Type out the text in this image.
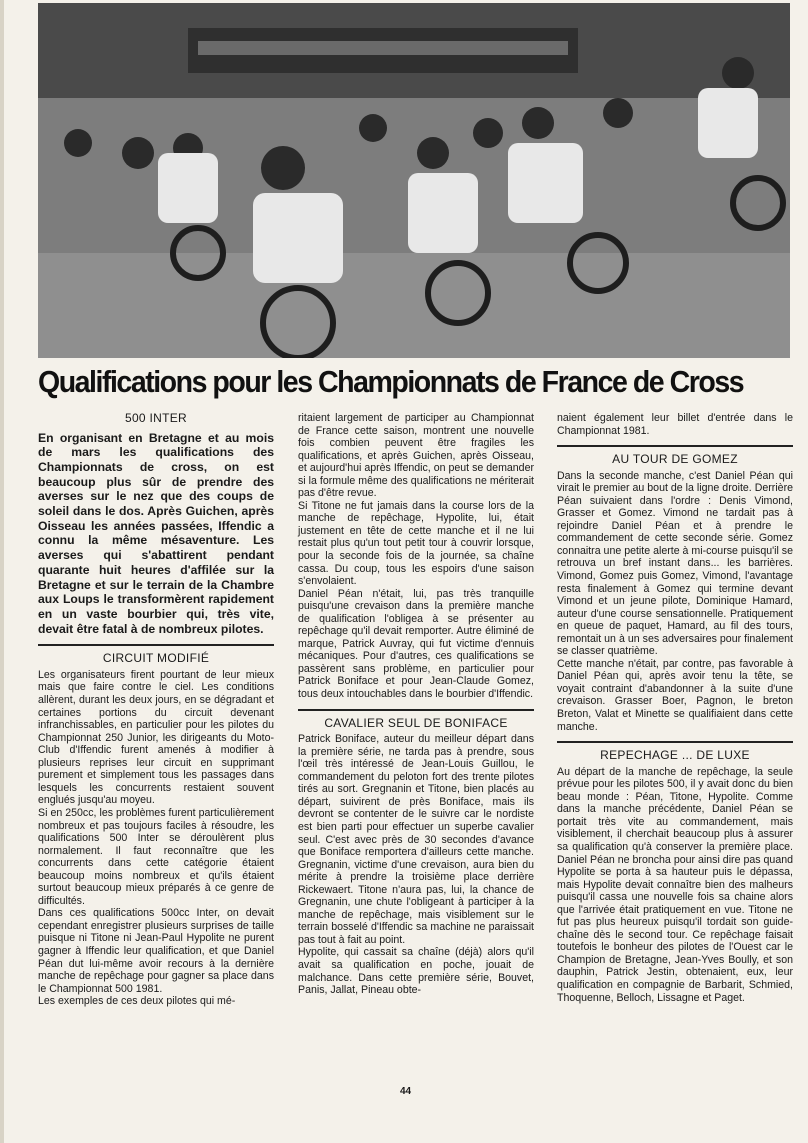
Qualifications pour les Championnats de France de Cross
500 INTER

En organisant en Bretagne et au mois de mars les qualifications des Championnats de cross, on est beaucoup plus sûr de prendre des averses sur le nez que des coups de soleil dans le dos. Après Guichen, après Oisseau les années passées, Iffendic a connu la même mésaventure. Les averses qui s'abattirent pendant quarante huit heures d'affilée sur la Bretagne et sur le terrain de la Chambre aux Loups le transformèrent rapidement en un vaste bourbier qui, très vite, devait être fatal à de nombreux pilotes.

CIRCUIT MODIFIÉ

Les organisateurs firent pourtant de leur mieux mais que faire contre le ciel. Les conditions allèrent, durant les deux jours, en se dégradant et certaines portions du circuit devenant infranchissables, en particulier pour les pilotes du Championnat 250 Junior, les dirigeants du Moto-Club d'Iffendic furent amenés à modifier à plusieurs reprises leur circuit en supprimant purement et simplement tous les passages dans lesquels les concurrents restaient souvent englués jusqu'au moyeu.

Si en 250cc, les problèmes furent particulièrement nombreux et pas toujours faciles à résoudre, les qualifications 500 Inter se déroulèrent plus normalement. Il faut reconnaître que les concurrents dans cette catégorie étaient beaucoup moins nombreux et qu'ils étaient surtout beaucoup mieux préparés à ce genre de difficultés.

Dans ces qualifications 500cc Inter, on devait cependant enregistrer plusieurs surprises de taille puisque ni Titone ni Jean-Paul Hypolite ne purent gagner à Iffendic leur qualification, et que Daniel Péan dut lui-même avoir recours à la dernière manche de repêchage pour gagner sa place dans le Championnat 500 1981.

Les exemples de ces deux pilotes qui mé-

ritaient largement de participer au Championnat de France cette saison, montrent une nouvelle fois combien peuvent être fragiles les qualifications, et après Guichen, après Oisseau, et aujourd'hui après Iffendic, on peut se demander si la formule même des qualifications ne mériterait pas d'être revue.

Si Titone ne fut jamais dans la course lors de la manche de repêchage, Hypolite, lui, était justement en tête de cette manche et il ne lui restait plus qu'un tout petit tour à couvrir lorsque, pour la seconde fois de la journée, sa chaîne cassa. Du coup, tous les espoirs d'une saison s'envolaient.

Daniel Péan n'était, lui, pas très tranquille puisqu'une crevaison dans la première manche de qualification l'obligea à se présenter au repêchage qu'il devait remporter. Autre éliminé de marque, Patrick Auvray, qui fut victime d'ennuis mécaniques. Pour d'autres, ces qualifications se passèrent sans problème, en particulier pour Patrick Boniface et pour Jean-Claude Gomez, tous deux intouchables dans le bourbier d'Iffendic.

CAVALIER SEUL DE BONIFACE

Patrick Boniface, auteur du meilleur départ dans la première série, ne tarda pas à prendre, sous l'œil très intéressé de Jean-Louis Guillou, le commandement du peloton fort des trente pilotes tirés au sort. Gregnanin et Titone, bien placés au départ, suivirent de près Boniface, mais ils devront se contenter de le suivre car le nordiste est bien parti pour effectuer un superbe cavalier seul. C'est avec près de 30 secondes d'avance que Boniface remportera d'ailleurs cette manche. Gregnanin, victime d'une crevaison, aura bien du mérite à prendre la troisième place derrière Rickewaert. Titone n'aura pas, lui, la chance de Gregnanin, une chute l'obligeant à participer à la manche de repêchage, mais visiblement sur le terrain bosselé d'Iffendic sa machine ne paraissait pas tout à fait au point.

Hypolite, qui cassait sa chaîne (déjà) alors qu'il avait sa qualification en poche, jouait de malchance. Dans cette première série, Bouvet, Panis, Jallat, Pineau obte-

naient également leur billet d'entrée dans le Championnat 1981.

AU TOUR DE GOMEZ

Dans la seconde manche, c'est Daniel Péan qui virait le premier au bout de la ligne droite. Derrière Péan suivaient dans l'ordre : Denis Vimond, Grasser et Gomez. Vimond ne tardait pas à rejoindre Daniel Péan et à prendre le commandement de cette seconde série. Gomez connaitra une petite alerte à mi-course puisqu'il se retrouva un bref instant dans... les barrières. Vimond, Gomez puis Gomez, Vimond, l'avantage resta finalement à Gomez qui termine devant Vimond et un jeune pilote, Dominique Hamard, auteur d'une course sensationnelle. Pratiquement en queue de paquet, Hamard, au fil des tours, remontait un à un ses adversaires pour finalement se classer quatrième.

Cette manche n'était, par contre, pas favorable à Daniel Péan qui, après avoir tenu la tête, se voyait contraint d'abandonner à la suite d'une crevaison. Grasser Boer, Pagnon, le breton Breton, Valat et Minette se qualifiaient dans cette manche.

REPECHAGE ... DE LUXE

Au départ de la manche de repêchage, la seule prévue pour les pilotes 500, il y avait donc du bien beau monde : Péan, Titone, Hypolite. Comme dans la manche précédente, Daniel Péan se portait très vite au commandement, mais visiblement, il cherchait beaucoup plus à assurer sa qualification qu'à conserver la première place. Daniel Péan ne broncha pour ainsi dire pas quand Hypolite se porta à sa hauteur puis le dépassa, mais Hypolite devait connaître bien des malheurs puisqu'il cassa une nouvelle fois sa chaine alors que l'arrivée était pratiquement en vue. Titone ne fut pas plus heureux puisqu'il tordait son guide-chaîne dès le second tour. Ce repêchage faisait toutefois le bonheur des pilotes de l'Ouest car le Champion de Bretagne, Jean-Yves Boully, et son dauphin, Patrick Jestin, obtenaient, eux, leur qualification en compagnie de Barbarit, Schmied, Thoquenne, Belloch, Lissagne et Paget.

44
